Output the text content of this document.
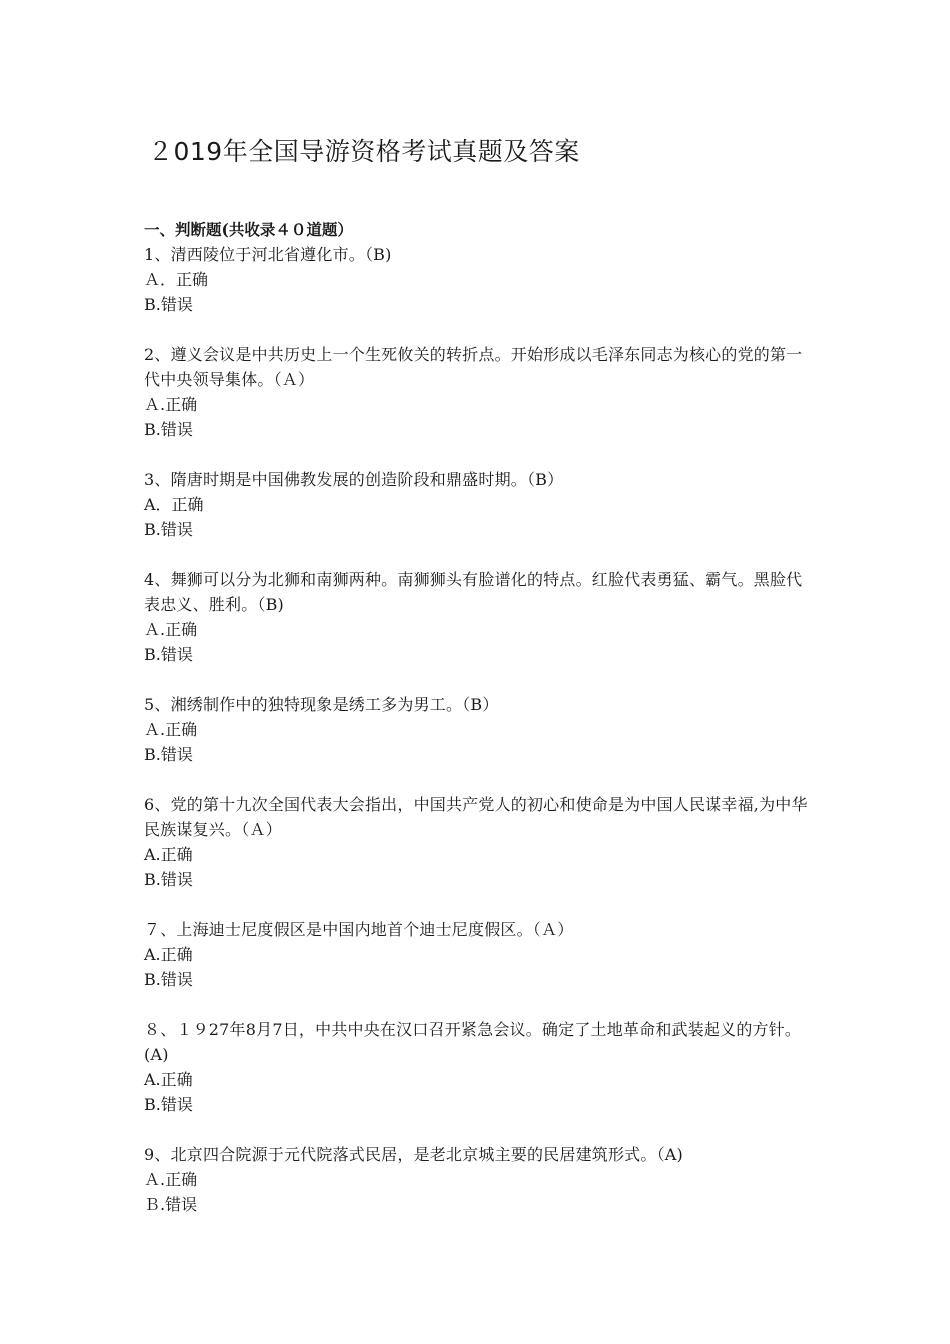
２019年全国导游资格考试真题及答案
一、判断题(共收录４０道题）
1、清西陵位于河北省遵化市。（B)
Ａ．正确
B.错误
2、遵义会议是中共历史上一个生死攸关的转折点。开始形成以毛泽东同志为核心的党的第一代中央领导集体。（Ａ）
Ａ.正确
B.错误
3、隋唐时期是中国佛教发展的创造阶段和鼎盛时期。（B）
A．正确
B.错误
4、舞狮可以分为北狮和南狮两种。南狮狮头有脸谱化的特点。红脸代表勇猛、霸气。黑脸代表忠义、胜利。（B)
Ａ.正确
B.错误
5、湘绣制作中的独特现象是绣工多为男工。（B）
Ａ.正确
B.错误
6、党的第十九次全国代表大会指出，中国共产党人的初心和使命是为中国人民谋幸福,为中华民族谋复兴。（Ａ）
A.正确
B.错误
７、上海迪士尼度假区是中国内地首个迪士尼度假区。（Ａ）
A.正确
B.错误
８、１９27年8月7日，中共中央在汉口召开紧急会议。确定了土地革命和武装起义的方针。(A)
A.正确
B.错误
9、北京四合院源于元代院落式民居，是老北京城主要的民居建筑形式。（A)
Ａ.正确
Ｂ.错误
